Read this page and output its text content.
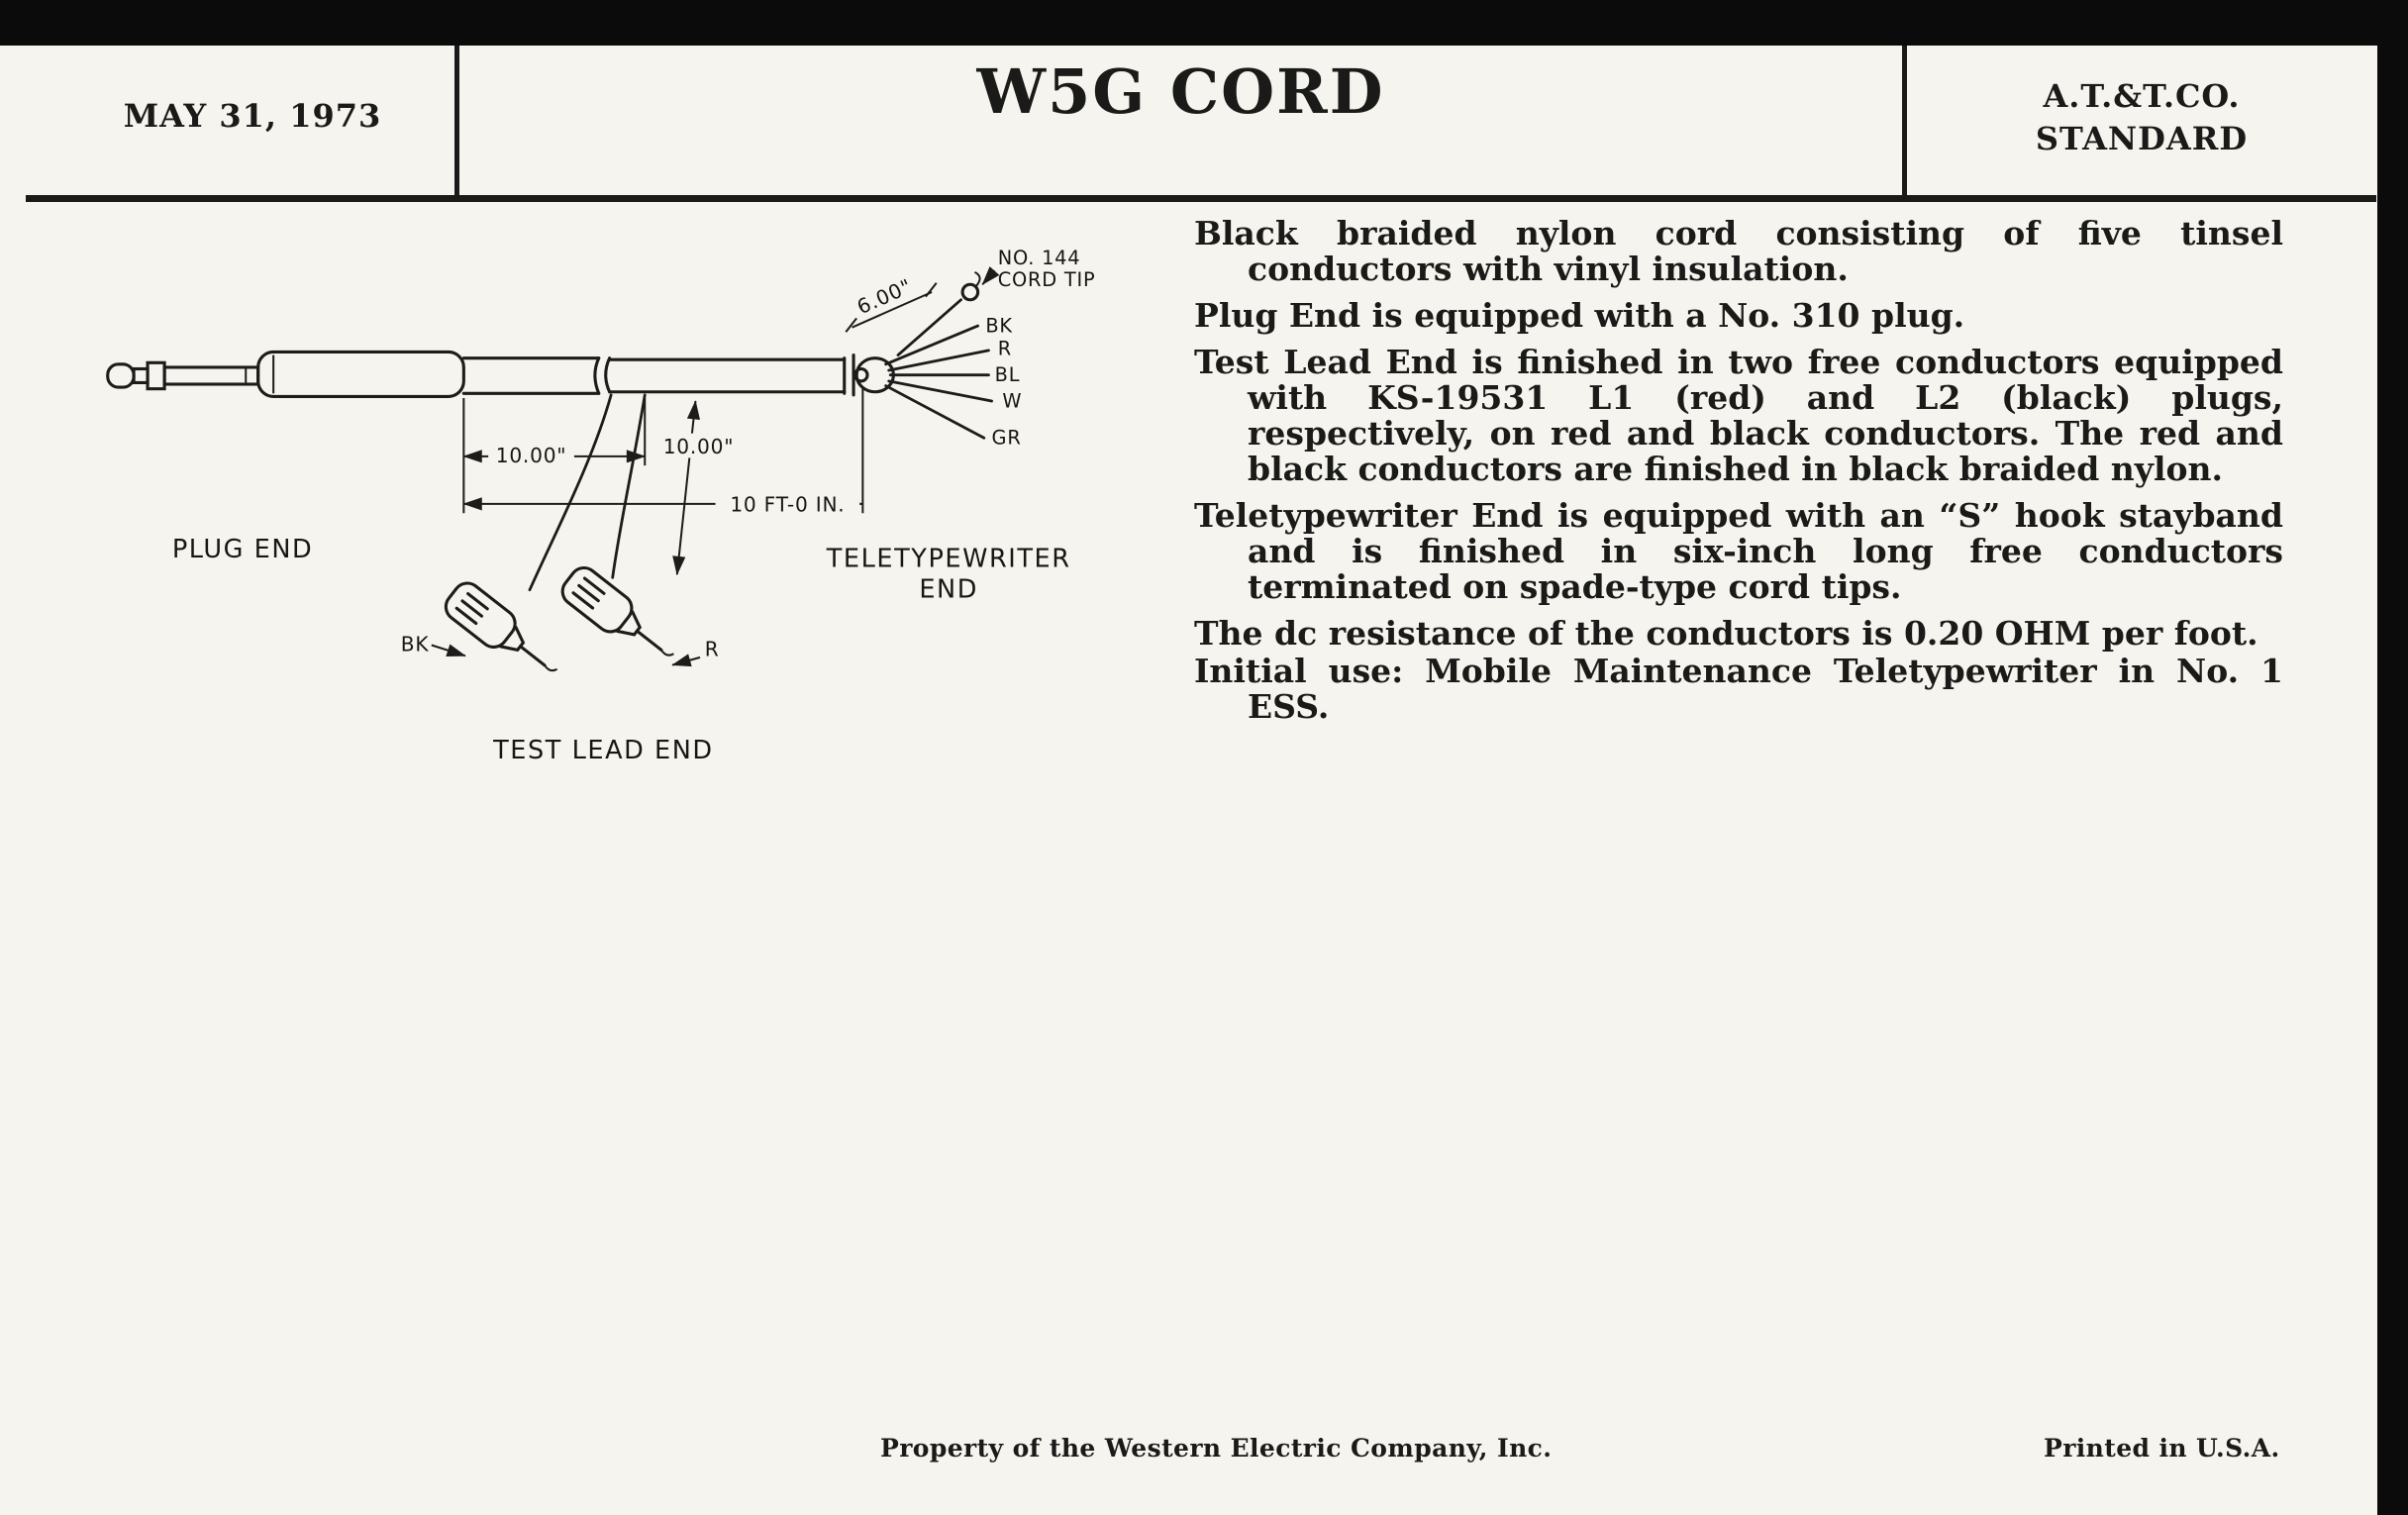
MAY 31, 1973	W5G CORD	A.T.&T.CO.
STANDARD
BK
R
BL
W
GR
NO. 144
CORD TIP
6.00"
BK	R
10.00"	10.00"
10 FT-0 IN.
PLUG END	TELETYPEWRITER
END
TEST LEAD END

Black braided nylon cord consisting of five tinsel conductors with vinyl insulation.

Plug End is equipped with a No. 310 plug.

Test Lead End is finished in two free conductors equipped with KS-19531 L1 (red) and L2 (black) plugs, respectively, on red and black conductors. The red and black conductors are finished in black braided nylon.

Teletypewriter End is equipped with an “S” hook stayband and is finished in six-inch long free conductors terminated on spade-type cord tips.

The dc resistance of the conductors is 0.20 OHM per foot.

Initial use: Mobile Maintenance Teletypewriter in No. 1 ESS.

Property of the Western Electric Company, Inc.	Printed in U.S.A.
